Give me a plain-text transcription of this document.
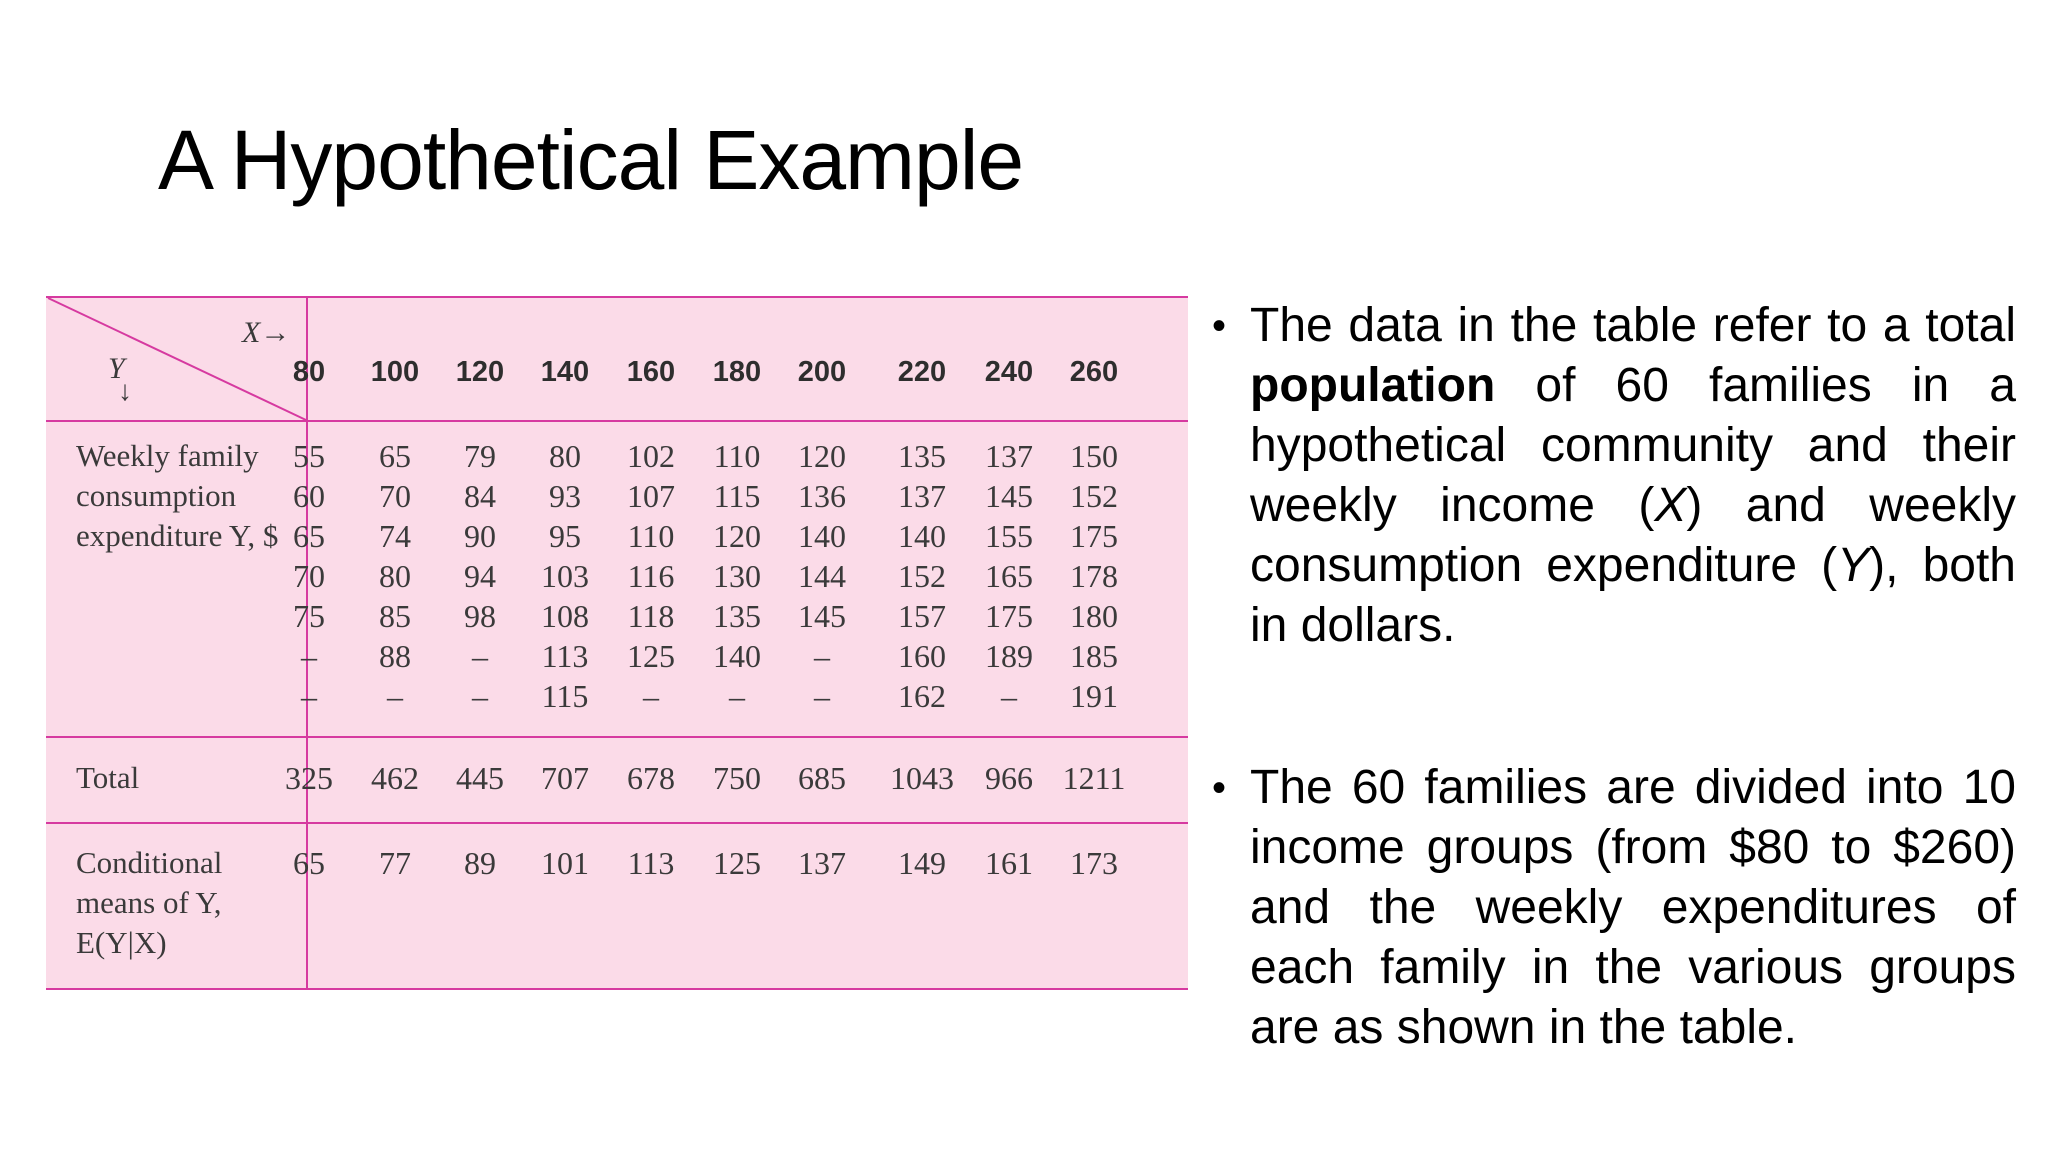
A Hypothetical Example
X→
Y
↓
Weekly family
consumption
expenditure Y, $
Total
Conditional
means of Y,
E(Y|X)
80
55
60
65
70
75
–
–
325
65
100
65
70
74
80
85
88
–
462
77
120
79
84
90
94
98
–
–
445
89
140
80
93
95
103
108
113
115
707
101
160
102
107
110
116
118
125
–
678
113
180
110
115
120
130
135
140
–
750
125
200
120
136
140
144
145
–
–
685
137
220
135
137
140
152
157
160
162
1043
149
240
137
145
155
165
175
189
–
966
161
260
150
152
175
178
180
185
191
1211
173
• The data in the table refer to a total population of 60 families in a hypothetical community and their weekly income (X) and weekly consumption expenditure (Y), both in dollars.
• The 60 families are divided into 10 income groups (from $80 to $260) and the weekly expenditures of each family in the various groups are as shown in the table.
